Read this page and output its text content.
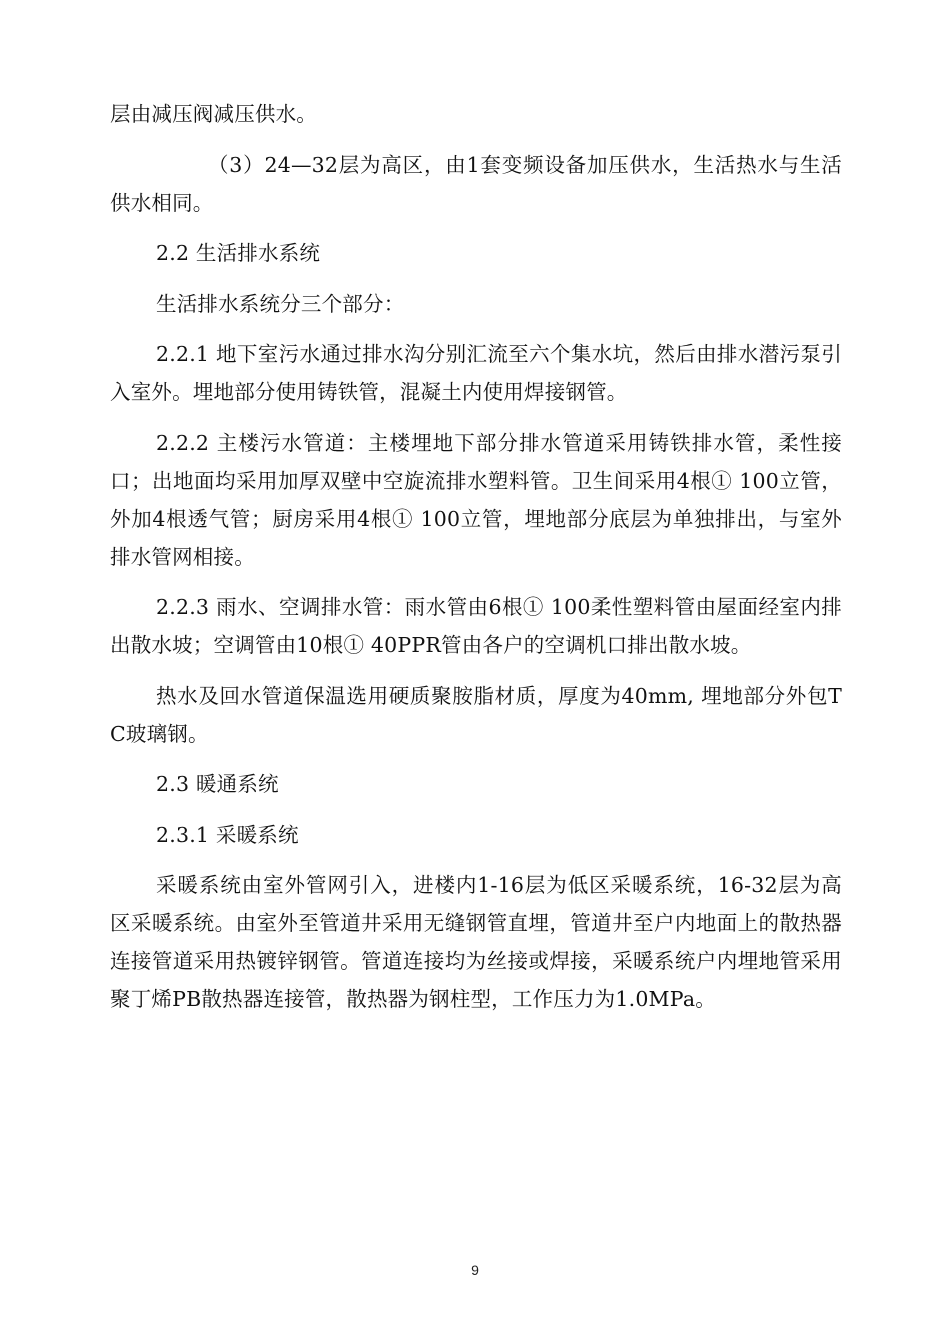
层由减压阀减压供水。

（3）24—32层为高区，由1套变频设备加压供水，生活热水与生活供水相同。

2.2 生活排水系统

生活排水系统分三个部分：

2.2.1 地下室污水通过排水沟分别汇流至六个集水坑，然后由排水潜污泵引入室外。埋地部分使用铸铁管，混凝土内使用焊接钢管。

2.2.2 主楼污水管道：主楼埋地下部分排水管道采用铸铁排水管，柔性接口；出地面均采用加厚双壁中空旋流排水塑料管。卫生间采用4根① 100立管，外加4根透气管；厨房采用4根① 100立管，埋地部分底层为单独排出，与室外排水管网相接。

2.2.3 雨水、空调排水管：雨水管由6根① 100柔性塑料管由屋面经室内排出散水坡；空调管由10根① 40PPR管由各户的空调机口排出散水坡。

热水及回水管道保温选用硬质聚胺脂材质，厚度为40mm, 埋地部分外包TC玻璃钢。

2.3 暖通系统

2.3.1 采暖系统

采暖系统由室外管网引入，进楼内1-16层为低区采暖系统，16-32层为高区采暖系统。由室外至管道井采用无缝钢管直埋，管道井至户内地面上的散热器连接管道采用热镀锌钢管。管道连接均为丝接或焊接，采暖系统户内埋地管采用聚丁烯PB散热器连接管，散热器为钢柱型，工作压力为1.0MPa。

9
